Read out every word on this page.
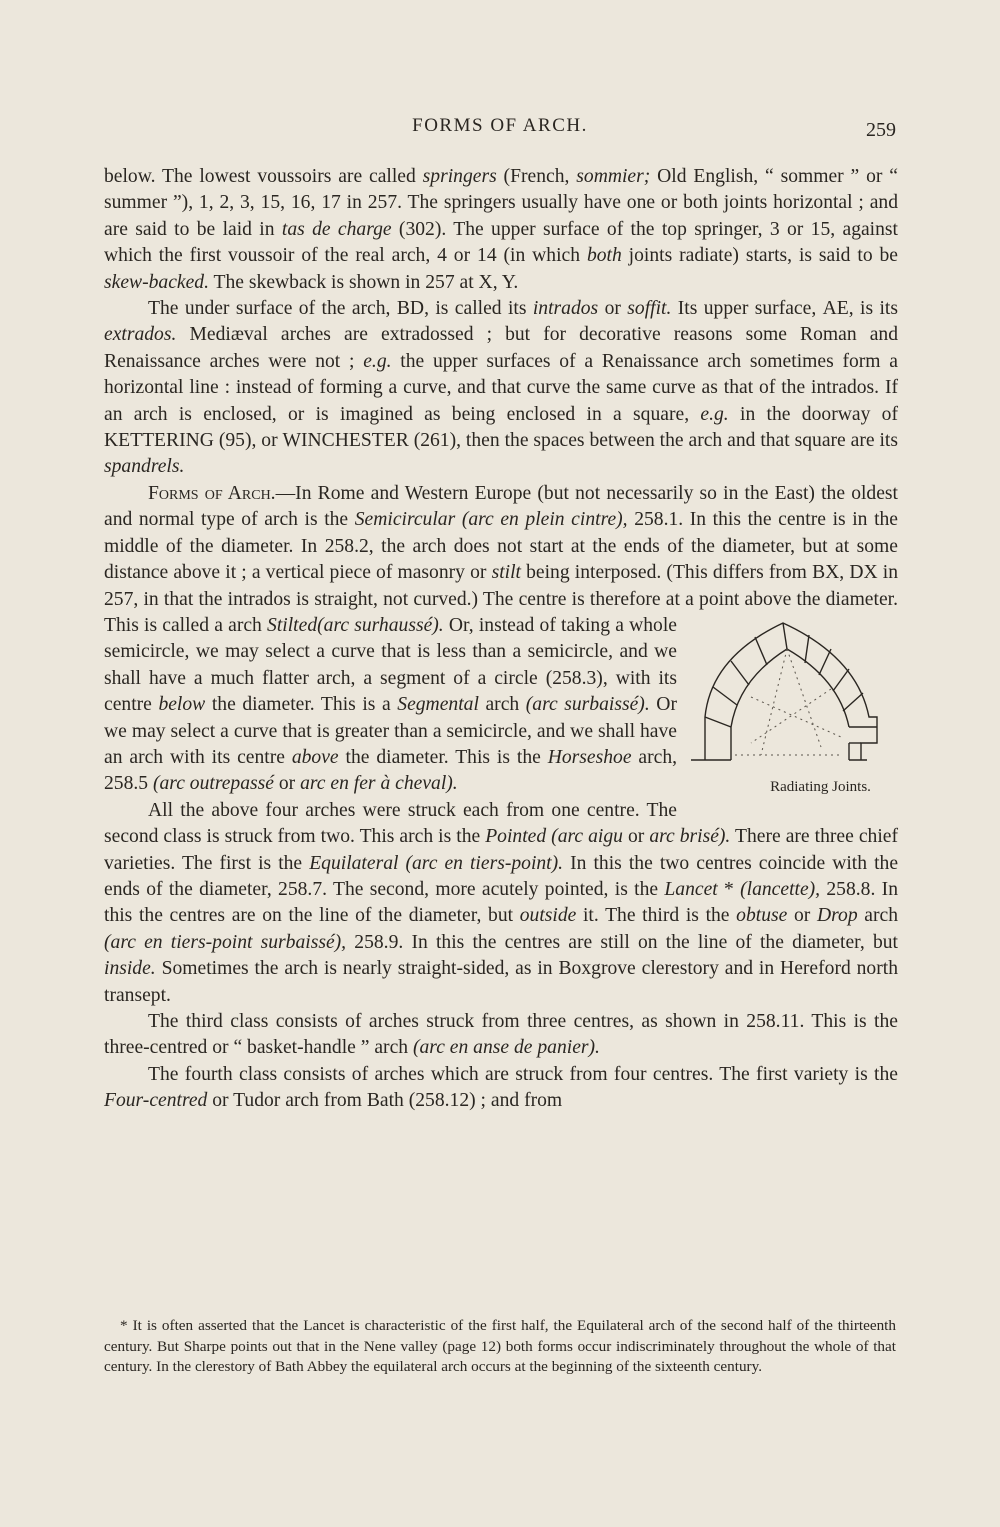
FORMS OF ARCH.	259

below. The lowest voussoirs are called springers (French, sommier; Old English, “ sommer ” or “ summer ”), 1, 2, 3, 15, 16, 17 in 257. The springers usually have one or both joints horizontal ; and are said to be laid in tas de charge (302). The upper surface of the top springer, 3 or 15, against which the first voussoir of the real arch, 4 or 14 (in which both joints radiate) starts, is said to be skew-backed. The skewback is shown in 257 at X, Y.

The under surface of the arch, BD, is called its intrados or soffit. Its upper surface, AE, is its extrados. Mediæval arches are extradossed ; but for decorative reasons some Roman and Renaissance arches were not ; e.g. the upper surfaces of a Renaissance arch sometimes form a horizontal line : instead of forming a curve, and that curve the same curve as that of the intrados. If an arch is enclosed, or is imagined as being enclosed in a square, e.g. in the doorway of KETTERING (95), or WINCHESTER (261), then the spaces between the arch and that square are its spandrels.

Forms of Arch.—In Rome and Western Europe (but not necessarily so in the East) the oldest and normal type of arch is the Semicircular (arc en plein cintre), 258.1. In this the centre is in the middle of the diameter. In 258.2, the arch does not start at the ends of the diameter, but at some distance above it ; a vertical piece of masonry or stilt being interposed. (This differs from BX, DX in 257, in that the intrados is straight, not curved.) The centre is therefore at a point above the diameter. This is called a
Radiating Joints.
arch Stilted(arc surhaussé). Or, instead of taking a whole semicircle, we may select a curve that is less than a semicircle, and we shall have a much flatter arch, a segment of a circle (258.3), with its centre below the diameter. This is a Segmental arch (arc surbaissé). Or we may select a curve that is greater than a semicircle, and we shall have an arch with its centre above the diameter. This is the Horseshoe arch, 258.5 (arc outrepassé or arc en fer à cheval).

All the above four arches were struck each from one centre. The second class is struck from two. This arch is the Pointed (arc aigu or arc brisé). There are three chief varieties. The first is the Equilateral (arc en tiers-point). In this the two centres coincide with the ends of the diameter, 258.7. The second, more acutely pointed, is the Lancet * (lancette), 258.8. In this the centres are on the line of the diameter, but outside it. The third is the obtuse or Drop arch (arc en tiers-point surbaissé), 258.9. In this the centres are still on the line of the diameter, but inside. Sometimes the arch is nearly straight-sided, as in Boxgrove clerestory and in Hereford north transept.

The third class consists of arches struck from three centres, as shown in 258.11. This is the three-centred or “ basket-handle ” arch (arc en anse de panier).

The fourth class consists of arches which are struck from four centres. The first variety is the Four-centred or Tudor arch from Bath (258.12) ; and from

* It is often asserted that the Lancet is characteristic of the first half, the Equilateral arch of the second half of the thirteenth century. But Sharpe points out that in the Nene valley (page 12) both forms occur indiscriminately throughout the whole of that century. In the clerestory of Bath Abbey the equilateral arch occurs at the beginning of the sixteenth century.
